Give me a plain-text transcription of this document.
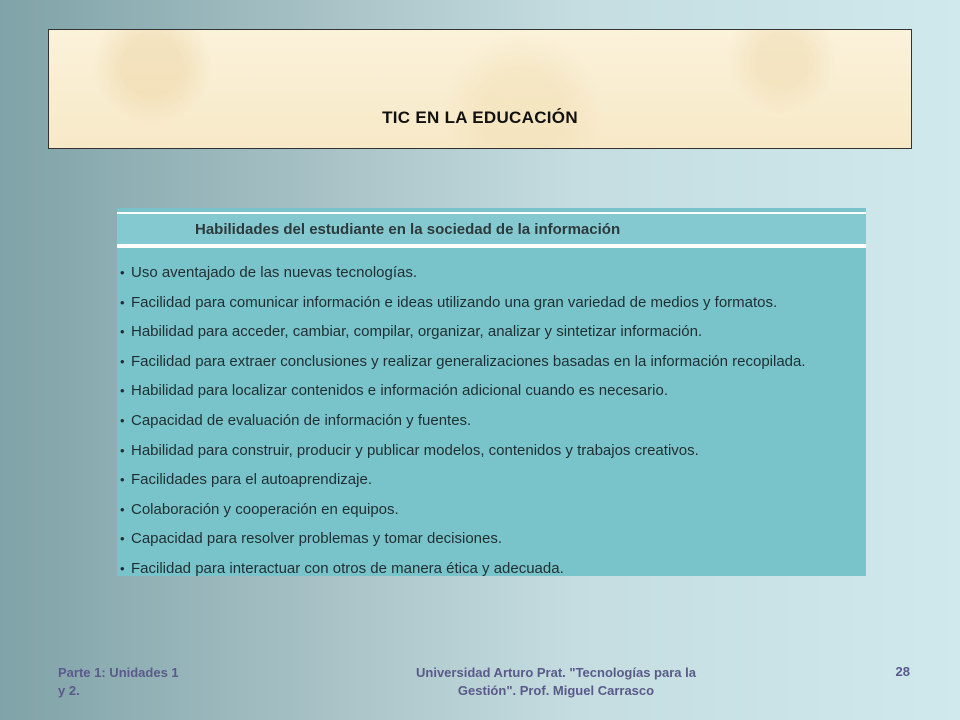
TIC EN LA EDUCACIÓN
Habilidades del estudiante en la sociedad de la información
• Uso aventajado de las nuevas tecnologías.
• Facilidad para comunicar información e ideas utilizando una gran variedad de medios y formatos.
• Habilidad para acceder, cambiar, compilar, organizar, analizar y sintetizar información.
• Facilidad para extraer conclusiones y realizar generalizaciones basadas en la información recopilada.
• Habilidad para localizar contenidos e información adicional cuando es necesario.
• Capacidad de evaluación de información y fuentes.
• Habilidad para construir, producir y publicar modelos, contenidos y trabajos creativos.
• Facilidades para el autoaprendizaje.
• Colaboración y cooperación en equipos.
• Capacidad para resolver problemas y tomar decisiones.
• Facilidad para interactuar con otros de manera ética y adecuada.
Parte 1: Unidades 1
y 2.
Universidad Arturo Prat. "Tecnologías para la
Gestión". Prof. Miguel Carrasco
28
